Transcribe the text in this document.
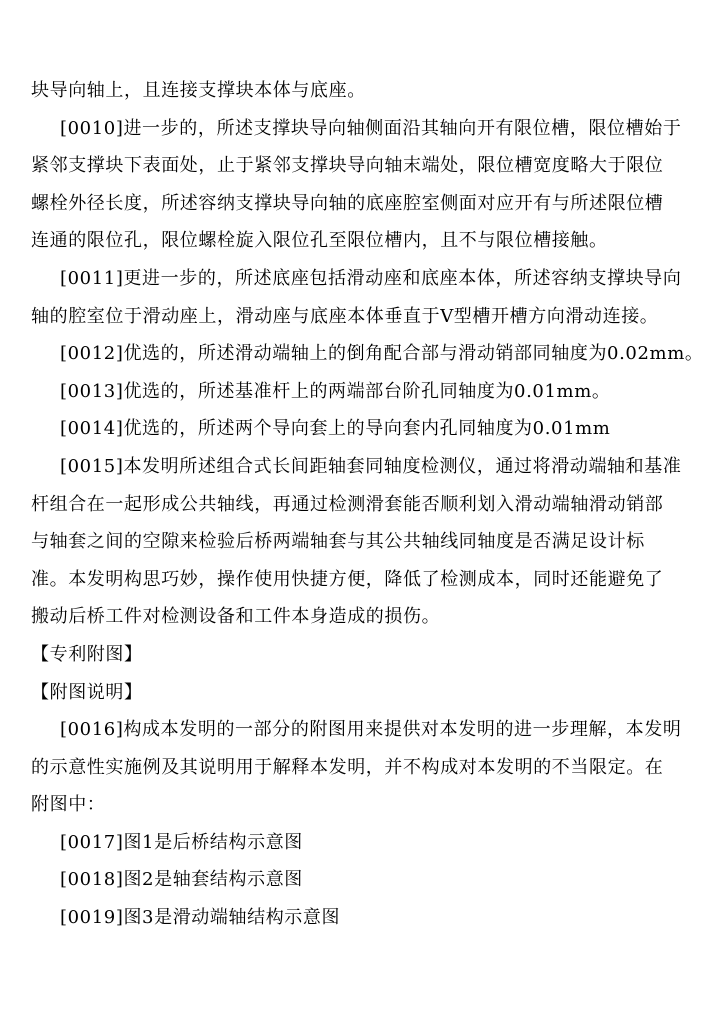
块导向轴上，且连接支撑块本体与底座。
[0010]进一步的，所述支撑块导向轴侧面沿其轴向开有限位槽，限位槽始于
紧邻支撑块下表面处，止于紧邻支撑块导向轴末端处，限位槽宽度略大于限位
螺栓外径长度，所述容纳支撑块导向轴的底座腔室侧面对应开有与所述限位槽
连通的限位孔，限位螺栓旋入限位孔至限位槽内，且不与限位槽接触。
[0011]更进一步的，所述底座包括滑动座和底座本体，所述容纳支撑块导向
轴的腔室位于滑动座上，滑动座与底座本体垂直于V型槽开槽方向滑动连接。
[0012]优选的，所述滑动端轴上的倒角配合部与滑动销部同轴度为0.02mm。
[0013]优选的，所述基准杆上的两端部台阶孔同轴度为0.01mm。
[0014]优选的，所述两个导向套上的导向套内孔同轴度为0.01mm
[0015]本发明所述组合式长间距轴套同轴度检测仪，通过将滑动端轴和基准
杆组合在一起形成公共轴线，再通过检测滑套能否顺利划入滑动端轴滑动销部
与轴套之间的空隙来检验后桥两端轴套与其公共轴线同轴度是否满足设计标
准。本发明构思巧妙，操作使用快捷方便，降低了检测成本，同时还能避免了
搬动后桥工件对检测设备和工件本身造成的损伤。
【专利附图】
【附图说明】
[0016]构成本发明的一部分的附图用来提供对本发明的进一步理解，本发明
的示意性实施例及其说明用于解释本发明，并不构成对本发明的不当限定。在
附图中：
[0017]图1是后桥结构示意图
[0018]图2是轴套结构示意图
[0019]图3是滑动端轴结构示意图
